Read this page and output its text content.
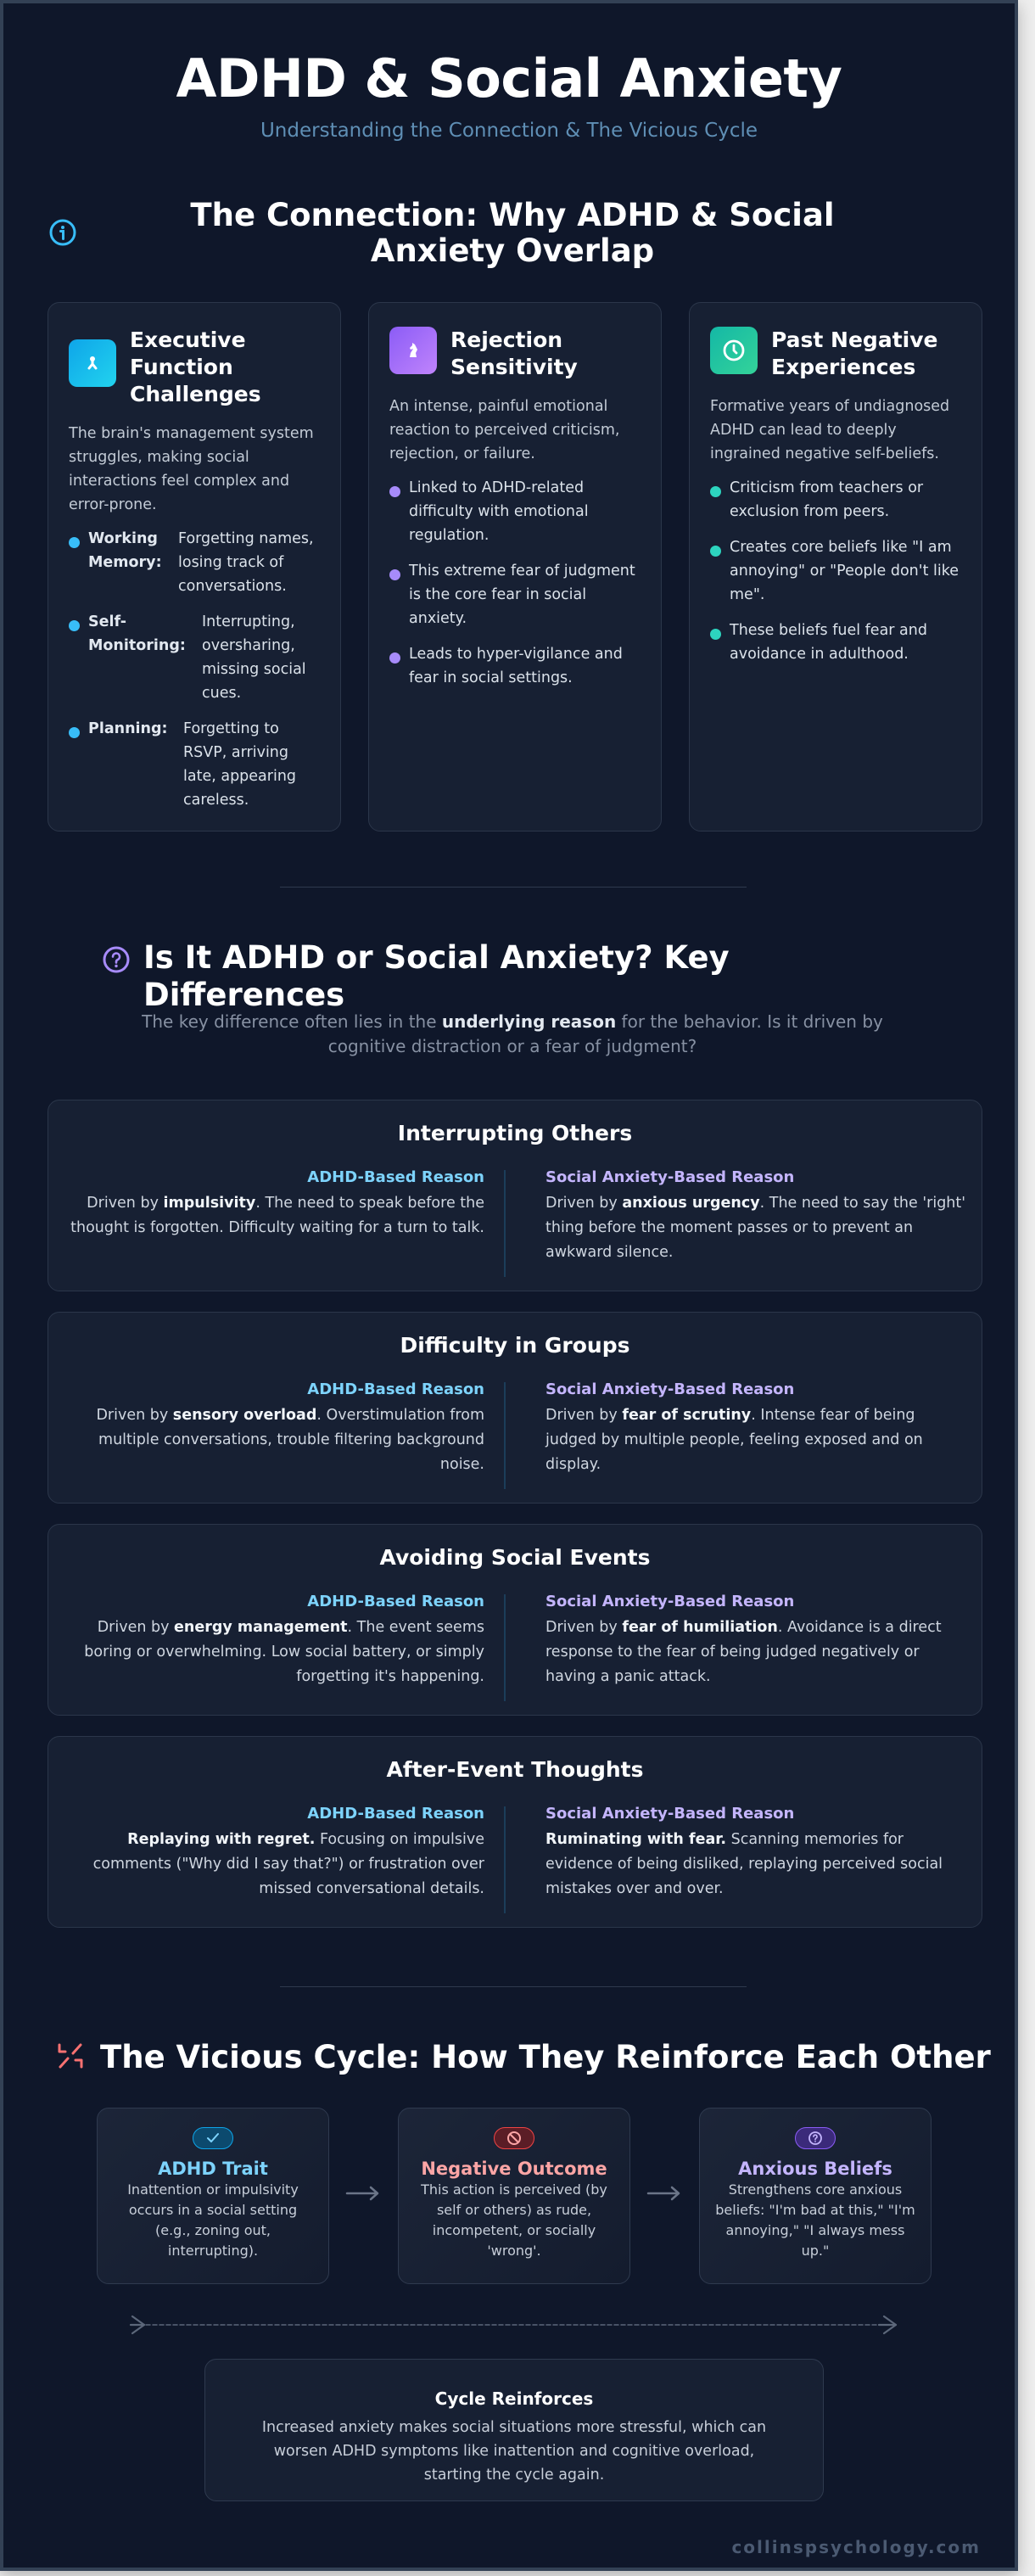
ADHD & Social Anxiety
Understanding the Connection & The Vicious Cycle
The Connection: Why ADHD & Social Anxiety Overlap
Executive Function Challenges

The brain's management system struggles, making social interactions feel complex and error-prone.

Working Memory:
Forgetting names, losing track of conversations.
Self-Monitoring:
Interrupting, oversharing, missing social cues.
Planning:	Forgetting to RSVP, arriving late, appearing careless.
Rejection Sensitivity

An intense, painful emotional reaction to perceived criticism, rejection, or failure.

Linked to ADHD-related difficulty with emotional regulation.
This extreme fear of judgment is the core fear in social anxiety.
Leads to hyper-vigilance and fear in social settings.
Past Negative Experiences

Formative years of undiagnosed ADHD can lead to deeply ingrained negative self-beliefs.

Criticism from teachers or exclusion from peers.
Creates core beliefs like "I am annoying" or "People don't like me".
These beliefs fuel fear and avoidance in adulthood.
Is It ADHD or Social Anxiety? Key Differences

The key difference often lies in the underlying reason for the behavior. Is it driven by cognitive distraction or a fear of judgment?

Interrupting Others
ADHD-Based Reason
Driven by impulsivity. The need to speak before the thought is forgotten. Difficulty waiting for a turn to talk.
Social Anxiety-Based Reason
Driven by anxious urgency. The need to say the 'right' thing before the moment passes or to prevent an awkward silence.
Difficulty in Groups
ADHD-Based Reason
Driven by sensory overload. Overstimulation from multiple conversations, trouble filtering background noise.
Social Anxiety-Based Reason
Driven by fear of scrutiny. Intense fear of being judged by multiple people, feeling exposed and on display.
Avoiding Social Events
ADHD-Based Reason
Driven by energy management. The event seems boring or overwhelming. Low social battery, or simply forgetting it's happening.
Social Anxiety-Based Reason
Driven by fear of humiliation. Avoidance is a direct response to the fear of being judged negatively or having a panic attack.
After-Event Thoughts
ADHD-Based Reason
Replaying with regret. Focusing on impulsive comments ("Why did I say that?") or frustration over missed conversational details.
Social Anxiety-Based Reason
Ruminating with fear. Scanning memories for evidence of being disliked, replaying perceived social mistakes over and over.
The Vicious Cycle: How They Reinforce Each Other
ADHD Trait
Inattention or impulsivity occurs in a social setting (e.g., zoning out, interrupting).
Negative Outcome
This action is perceived (by self or others) as rude, incompetent, or socially 'wrong'.
Anxious Beliefs
Strengthens core anxious beliefs: "I'm bad at this," "I'm annoying," "I always mess up."
Cycle Reinforces
Increased anxiety makes social situations more stressful, which can worsen ADHD symptoms like inattention and cognitive overload, starting the cycle again.
collinspsychology.com
